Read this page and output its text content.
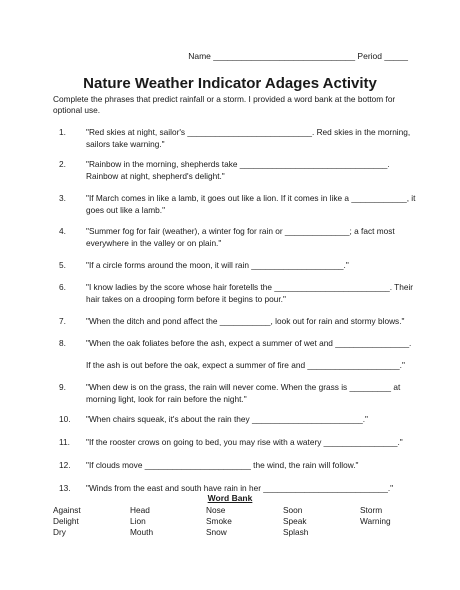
Name ______________________________ Period _____
Nature Weather Indicator Adages Activity
Complete the phrases that predict rainfall or a storm. I provided a word bank at the bottom for optional use.
1. "Red skies at night, sailor's ___________________________. Red skies in the morning, sailors take warning."
2. "Rainbow in the morning, shepherds take ________________________________. Rainbow at night, shepherd's delight."
3. "If March comes in like a lamb, it goes out like a lion. If it comes in like a ____________, it goes out like a lamb."
4. "Summer fog for fair (weather), a winter fog for rain or ______________; a fact most everywhere in the valley or on plain."
5. "If a circle forms around the moon, it will rain ____________________."
6. "I know ladies by the score whose hair foretells the _________________________. Their hair takes on a drooping form before it begins to pour."
7. "When the ditch and pond affect the ___________, look out for rain and stormy blows."
8. "When the oak foliates before the ash, expect a summer of wet and ________________.
If the ash is out before the oak, expect a summer of fire and ____________________."
9. "When dew is on the grass, the rain will never come. When the grass is _________ at morning light, look for rain before the night."
10. "When chairs squeak, it's about the rain they ________________________."
11. "If the rooster crows on going to bed, you may rise with a watery ________________."
12. "If clouds move _______________________ the wind, the rain will follow."
13. "Winds from the east and south have rain in her ___________________________."
Word Bank
Against
Delight
Dry
Head
Lion
Mouth
Nose
Smoke
Snow
Soon
Speak
Splash
Storm
Warning
